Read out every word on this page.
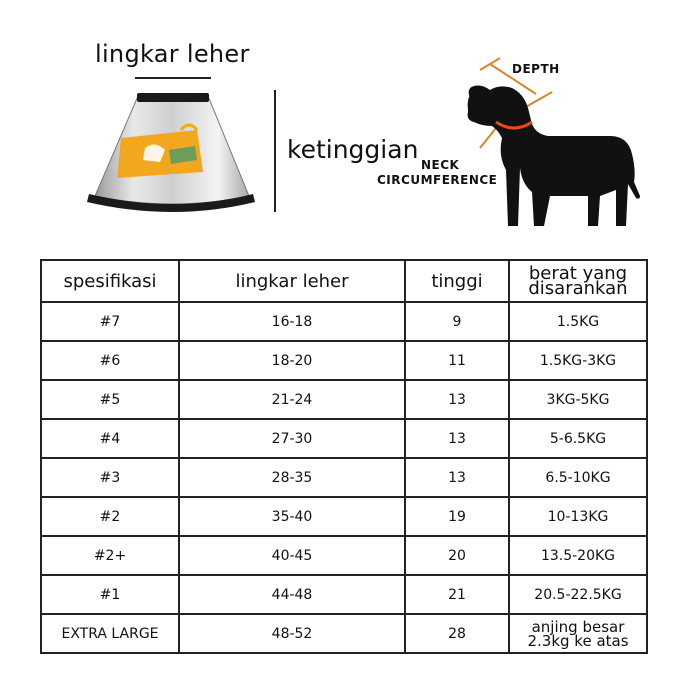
lingkar leher
ketinggian
DEPTH
NECK
CIRCUMFERENCE
spesifikasi	lingkar leher	tinggi	berat yang
disarankan

#7	16-18	9	1.5KG
#6	18-20	11	1.5KG-3KG
#5	21-24	13	3KG-5KG
#4	27-30	13	5-6.5KG
#3	28-35	13	6.5-10KG
#2	35-40	19	10-13KG
#2+	40-45	20	13.5-20KG
#1	44-48	21	20.5-22.5KG
EXTRA LARGE	48-52	28	anjing besar
2.3kg ke atas
